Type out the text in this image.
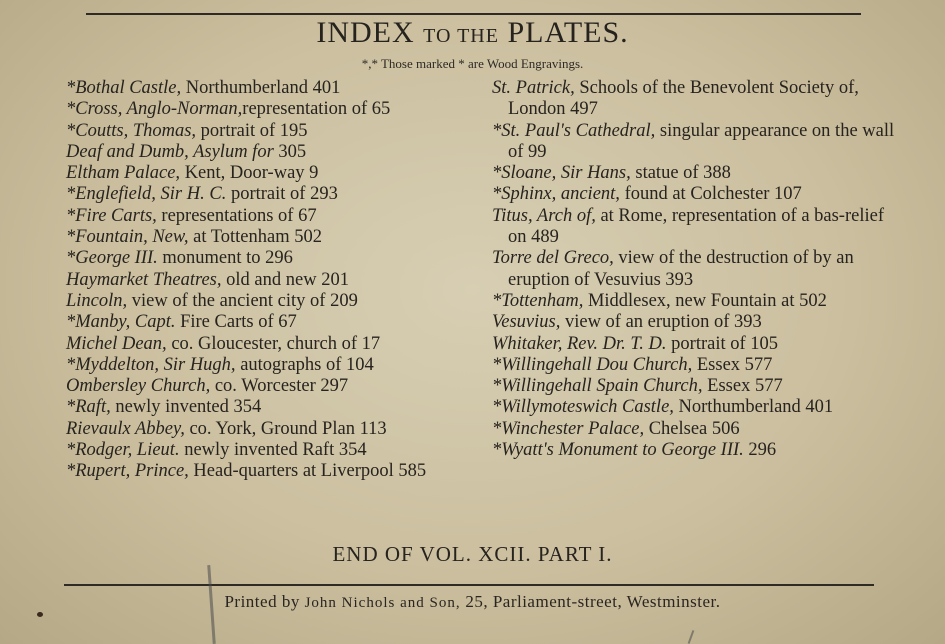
INDEX TO THE PLATES.
*,* Those marked * are Wood Engravings.
*Bothal Castle, Northumberland 401
*Cross, Anglo-Norman,representation of 65
*Coutts, Thomas, portrait of 195
Deaf and Dumb, Asylum for 305
Eltham Palace, Kent, Door-way 9
*Englefield, Sir H. C. portrait of 293
*Fire Carts, representations of 67
*Fountain, New, at Tottenham 502
*George III. monument to 296
Haymarket Theatres, old and new 201
Lincoln, view of the ancient city of 209
*Manby, Capt. Fire Carts of 67
Michel Dean, co. Gloucester, church of 17
*Myddelton, Sir Hugh, autographs of 104
Ombersley Church, co. Worcester 297
*Raft, newly invented 354
Rievaulx Abbey, co. York, Ground Plan 113
*Rodger, Lieut. newly invented Raft 354
*Rupert, Prince, Head-quarters at Liverpool 585
St. Patrick, Schools of the Benevolent Society of, London 497
*St. Paul's Cathedral, singular appearance on the wall of 99
*Sloane, Sir Hans, statue of 388
*Sphinx, ancient, found at Colchester 107
Titus, Arch of, at Rome, representation of a bas-relief on 489
Torre del Greco, view of the destruction of by an eruption of Vesuvius 393
*Tottenham, Middlesex, new Fountain at 502
Vesuvius, view of an eruption of 393
Whitaker, Rev. Dr. T. D. portrait of 105
*Willingehall Dou Church, Essex 577
*Willingehall Spain Church, Essex 577
*Willymoteswich Castle, Northumberland 401
*Winchester Palace, Chelsea 506
*Wyatt's Monument to George III. 296
END OF VOL. XCII. PART I.
Printed by John Nichols and Son, 25, Parliament-street, Westminster.
